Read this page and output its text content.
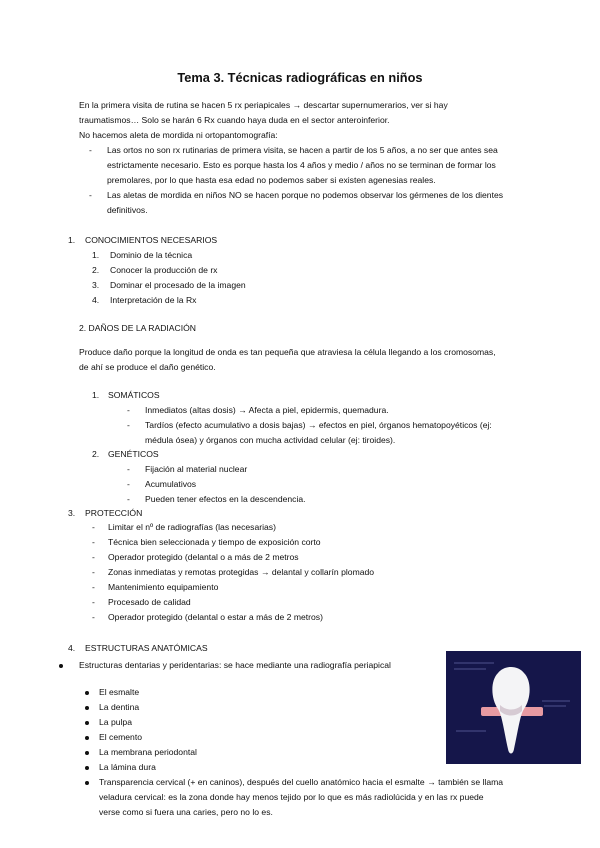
Tema 3. Técnicas radiográficas en niños
En la primera visita de rutina se hacen 5 rx periapicales → descartar supernumerarios, ver si hay
traumatismos… Solo se harán 6 Rx cuando haya duda en el sector anteroinferior.
No hacemos aleta de mordida ni ortopantomografía:
- Las ortos no son rx rutinarias de primera visita, se hacen a partir de los 5 años, a no ser que antes sea
estrictamente necesario. Esto es porque hasta los 4 años y medio / años no se terminan de formar los
premolares, por lo que hasta esa edad no podemos saber si existen agenesias reales.
- Las aletas de mordida en niños NO se hacen porque no podemos observar los gérmenes de los dientes
definitivos.
1. CONOCIMIENTOS NECESARIOS
1. Dominio de la técnica
2. Conocer la producción de rx
3. Dominar el procesado de la imagen
4. Interpretación de la Rx
2. DAÑOS DE LA RADIACIÓN
Produce daño porque la longitud de onda es tan pequeña que atraviesa la célula llegando a los cromosomas,
de ahí se produce el daño genético.
1. SOMÁTICOS
- Inmediatos (altas dosis) → Afecta a piel, epidermis, quemadura.
- Tardíos (efecto acumulativo a dosis bajas) → efectos en piel, órganos hematopoyéticos (ej:
médula ósea) y órganos con mucha actividad celular (ej: tiroides).
2. GENÉTICOS
- Fijación al material nuclear
- Acumulativos
- Pueden tener efectos en la descendencia.
3. PROTECCIÓN
- Limitar el nº de radiografías (las necesarias)
- Técnica bien seleccionada y tiempo de exposición corto
- Operador protegido (delantal o a más de 2 metros
- Zonas inmediatas y remotas protegidas → delantal y collarín plomado
- Mantenimiento equipamiento
- Procesado de calidad
- Operador protegido (delantal o estar a más de 2 metros)
4. ESTRUCTURAS ANATÓMICAS
Estructuras dentarias y peridentarias: se hace mediante una radiografía periapical
El esmalte
La dentina
La pulpa
El cemento
La membrana periodontal
La lámina dura
Transparencia cervical (+ en caninos), después del cuello anatómico hacia el esmalte → también se llama
veladura cervical: es la zona donde hay menos tejido por lo que es más radiolúcida y en las rx puede
verse como si fuera una caries, pero no lo es.
